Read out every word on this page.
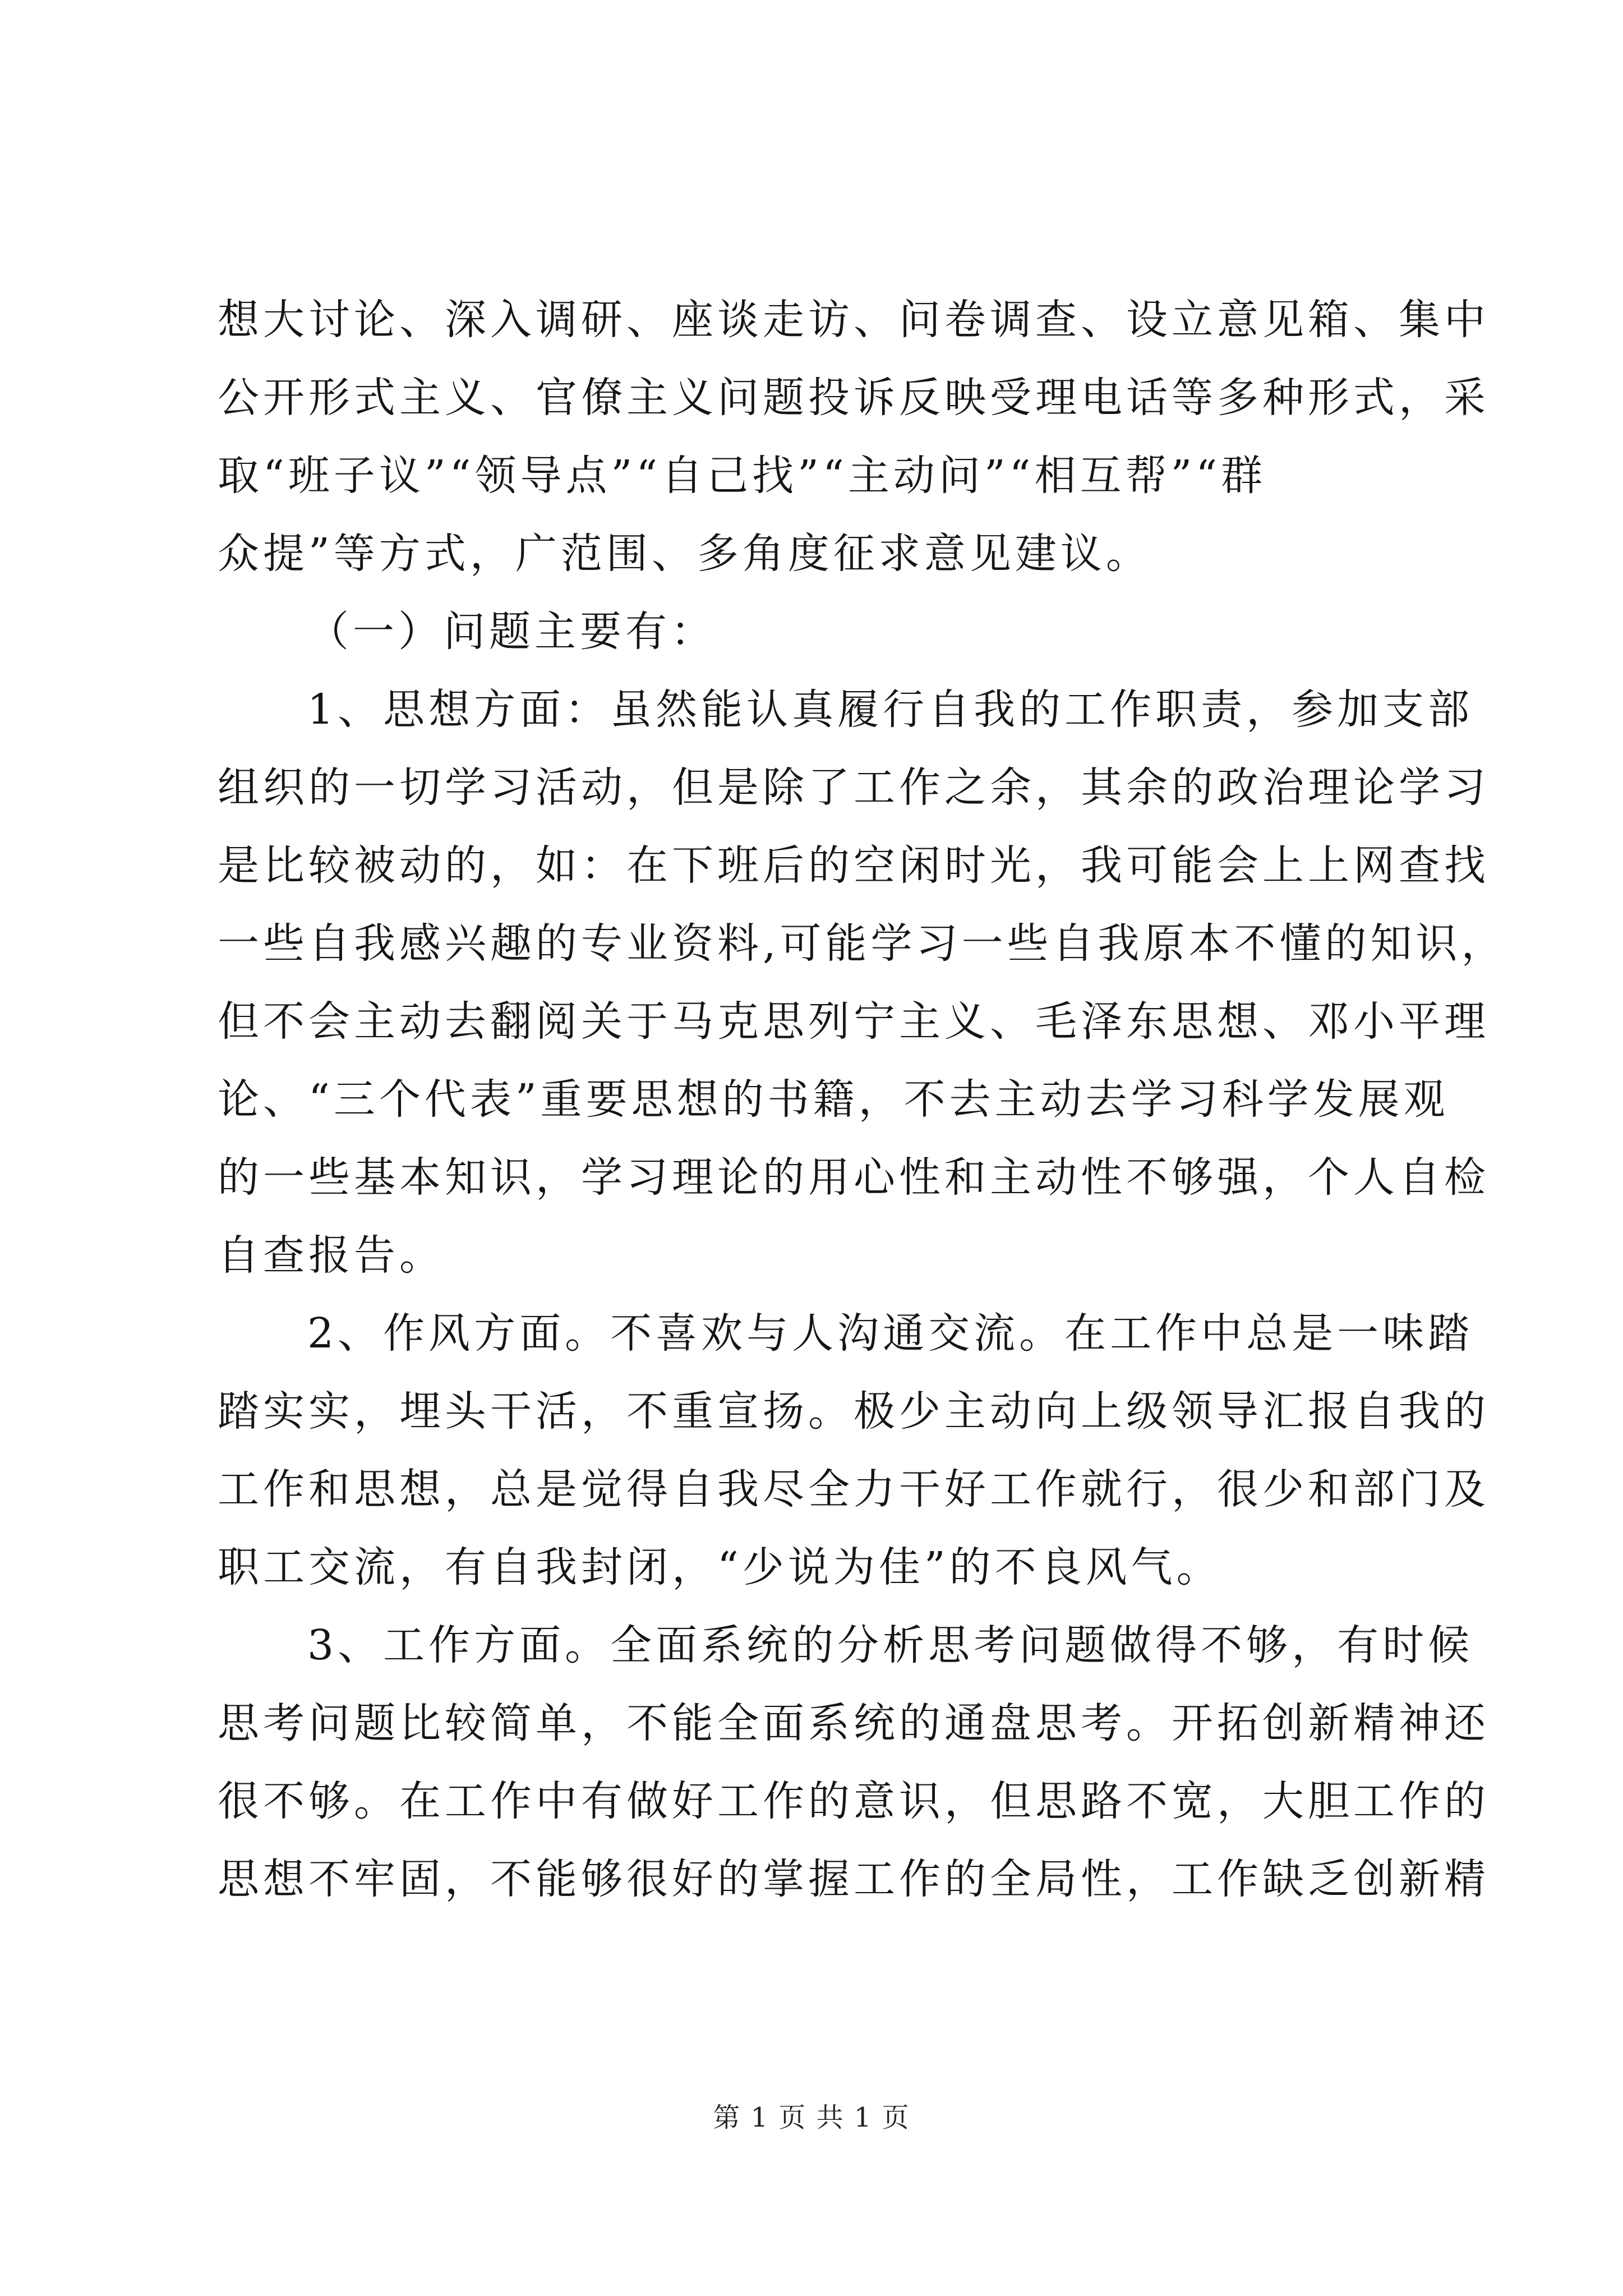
想大讨论、深入调研、座谈走访、问卷调查、设立意见箱、集中
公开形式主义、官僚主义问题投诉反映受理电话等多种形式，采
取“班子议”“领导点”“自己找”“主动问”“相互帮”“群
众提”等方式，广范围、多角度征求意见建议。
（一）问题主要有：
1、思想方面：虽然能认真履行自我的工作职责，参加支部
组织的一切学习活动，但是除了工作之余，其余的政治理论学习
是比较被动的，如：在下班后的空闲时光，我可能会上上网查找
一些自我感兴趣的专业资料,可能学习一些自我原本不懂的知识，
但不会主动去翻阅关于马克思列宁主义、毛泽东思想、邓小平理
论、“三个代表”重要思想的书籍，不去主动去学习科学发展观
的一些基本知识，学习理论的用心性和主动性不够强，个人自检
自查报告。
2、作风方面。不喜欢与人沟通交流。在工作中总是一味踏
踏实实，埋头干活，不重宣扬。极少主动向上级领导汇报自我的
工作和思想，总是觉得自我尽全力干好工作就行，很少和部门及
职工交流，有自我封闭，“少说为佳”的不良风气。
3、工作方面。全面系统的分析思考问题做得不够，有时候
思考问题比较简单，不能全面系统的通盘思考。开拓创新精神还
很不够。在工作中有做好工作的意识，但思路不宽，大胆工作的
思想不牢固，不能够很好的掌握工作的全局性，工作缺乏创新精
第 1 页 共 1 页
